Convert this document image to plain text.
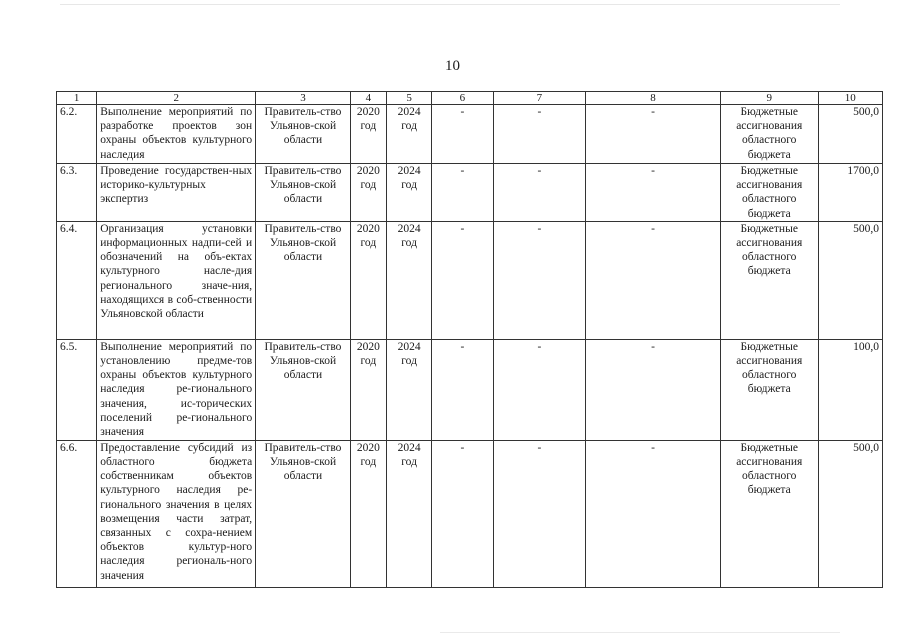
10
1	2	3	4	5	6	7	8	9	10
6.2.	Выполнение мероприятий по разработке проектов зон охраны объектов культурного наследия	Правитель-ство Ульянов-ской области	2020 год	2024 год	-	-	-	Бюджетные ассигнования областного бюджета	500,0
6.3.	Проведение государствен-ных историко-культурных экспертиз	Правитель-ство Ульянов-ской области	2020 год	2024 год	-	-	-	Бюджетные ассигнования областного бюджета	1700,0
6.4.	Организация установки информационных надпи-сей и обозначений на объ-ектах культурного насле-дия регионального значе-ния, находящихся в соб-ственности Ульяновской области	Правитель-ство Ульянов-ской области	2020 год	2024 год	-	-	-	Бюджетные ассигнования областного бюджета	500,0
6.5.	Выполнение мероприятий по установлению предме-тов охраны объектов культурного наследия ре-гионального значения, ис-торических поселений ре-гионального значения	Правитель-ство Ульянов-ской области	2020 год	2024 год	-	-	-	Бюджетные ассигнования областного бюджета	100,0
6.6.	Предоставление субсидий из областного бюджета собственникам объектов культурного наследия ре-гионального значения в целях возмещения части затрат, связанных с сохра-нением объектов культур-ного наследия региональ-ного значения	Правитель-ство Ульянов-ской области	2020 год	2024 год	-	-	-	Бюджетные ассигнования областного бюджета	500,0
